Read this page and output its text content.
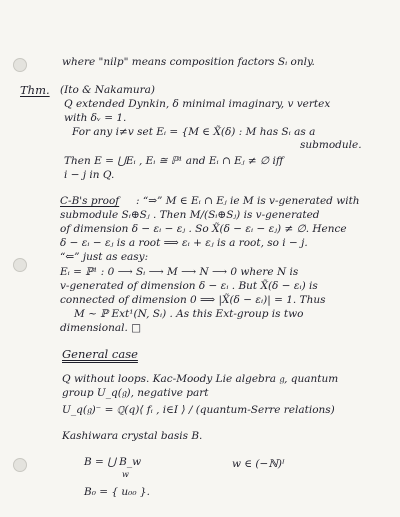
where "nilp" means composition factors Sᵢ only.
Thm. (Ito & Nakamura)
Q extended Dynkin, δ minimal imaginary, v vertex
with δᵥ = 1.
For any i≠v set Eᵢ = {M ∈ X̃(δ) : M has Sᵢ as a
submodule.
Then E = ⋃Eᵢ , Eᵢ ≅ ℙ¹ and Eᵢ ∩ Eⱼ ≠ ∅ iff
i − j in Q.
C-B's proof : “⇒” M ∈ Eᵢ ∩ Eⱼ ie M is v-generated with
submodule Sᵢ⊕Sⱼ . Then M/(Sᵢ⊕Sⱼ) is v-generated
of dimension δ − εᵢ − εⱼ . So X̃(δ − εᵢ − εⱼ) ≠ ∅. Hence
δ − εᵢ − εⱼ is a root ⟹ εᵢ + εⱼ is a root, so i − j.
“⇐” just as easy:
Eᵢ = ℙ¹ : 0 ⟶ Sᵢ ⟶ M ⟶ N ⟶ 0 where N is
v-generated of dimension δ − εᵢ . But X̃(δ − εᵢ) is
connected of dimension 0 ⟹ |X̃(δ − εᵢ)| = 1. Thus
M ~ ℙ Ext¹(N, Sᵢ) . As this Ext-group is two
dimensional. □
General case
Q without loops. Kac-Moody Lie algebra 𝔤, quantum
group U_q(𝔤), negative part
U_q(𝔤)⁻ = ℚ(q)⟨ fᵢ , i∈I ⟩ / (quantum-Serre relations)
Kashiwara crystal basis B.
B = ⋃ B_w
w
w ∈ (−ℕ)ᴵ
B₀ = { u₀₀ }.
